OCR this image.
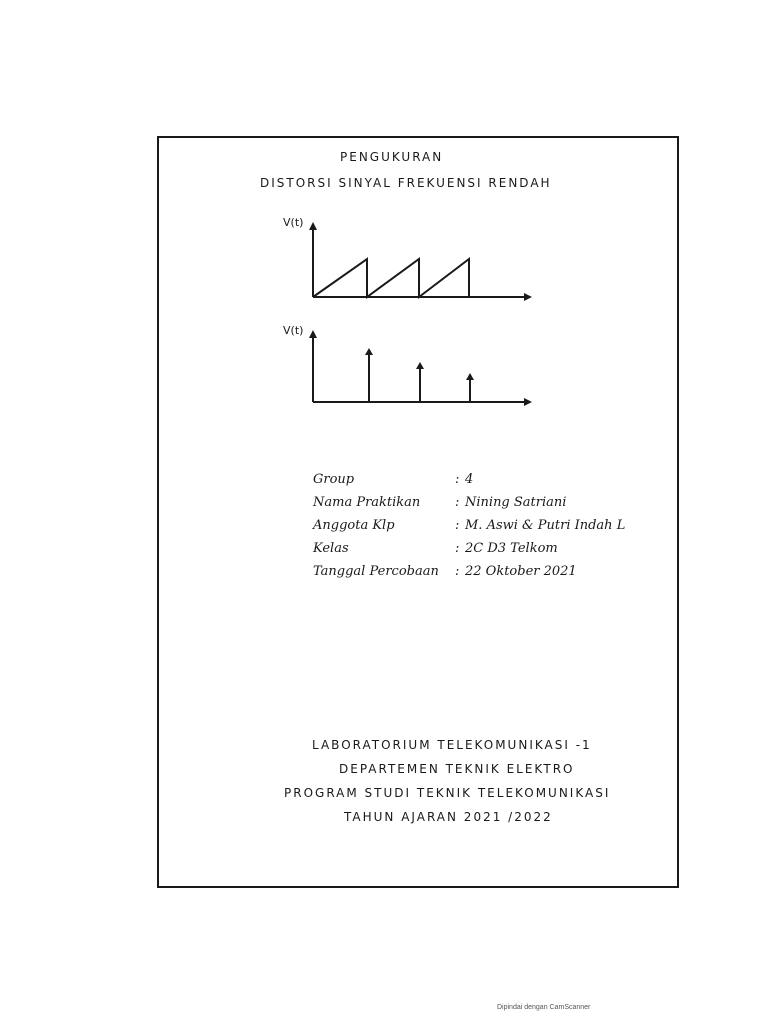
PENGUKURAN
DISTORSI SINYAL FREKUENSI RENDAH
V(t)
V(t)
Group	: 4
Nama Praktikan	: Nining Satriani
Anggota Klp	: M. Aswi & Putri Indah L
Kelas	: 2C D3 Telkom
Tanggal Percobaan : 22 Oktober 2021
LABORATORIUM TELEKOMUNIKASI -1
DEPARTEMEN TEKNIK ELEKTRO
PROGRAM STUDI TEKNIK TELEKOMUNIKASI
TAHUN AJARAN 2021 /2022
Dipindai dengan CamScanner
